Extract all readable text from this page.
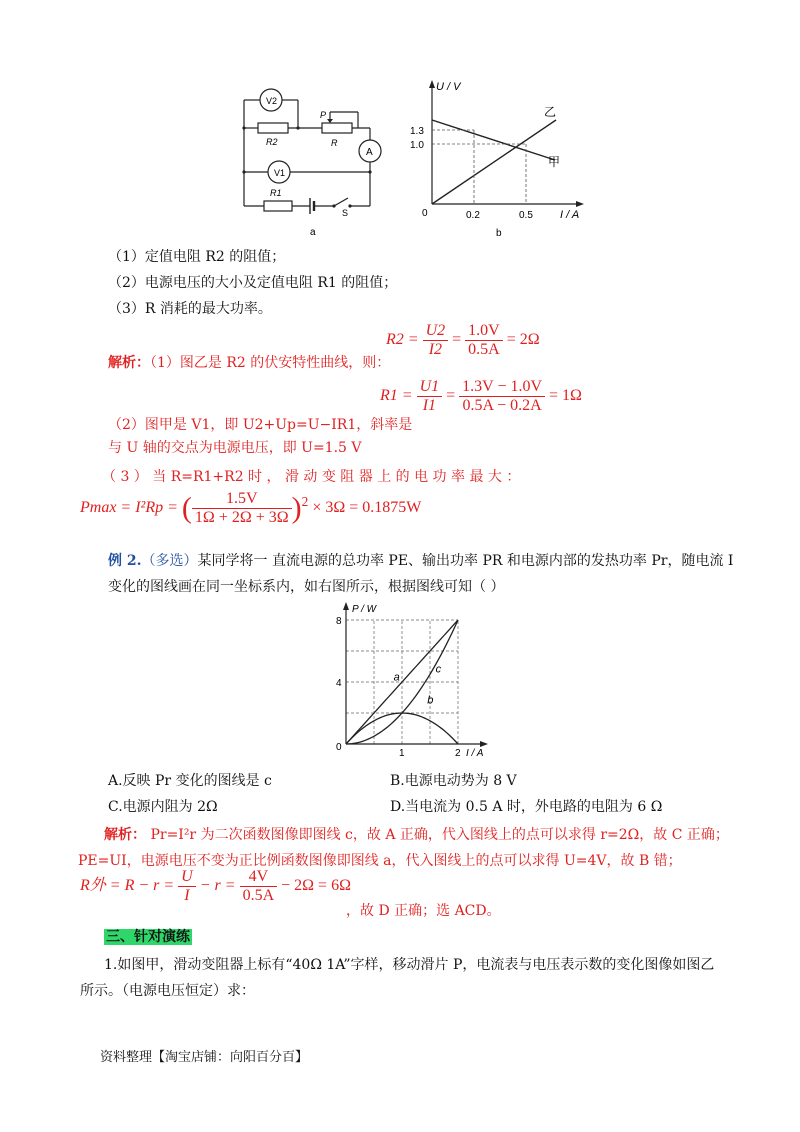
V2
R2
P
R
A
V1
R1
S
a
U / V
I / A
1.3
1.0
0.2	0.5
0
乙
甲
b
（1）定值电阻 R2 的阻值；
（2）电源电压的大小及定值电阻 R1 的阻值；
（3）R 消耗的最大功率。
$R2 = \frac{U2}{I2} = \frac{1.0V}{0.5A} = 2\Omega$
解析：（1）图乙是 R2 的伏安特性曲线，则：
$R1 = \frac{U1}{I1} = \frac{1.3V - 1.0V}{0.5A - 0.2A} = 1\Omega$
（2）图甲是 V1，即 U2+Up=U−IR1，斜率是
与 U 轴的交点为电源电压，即 U=1.5 V
（ 3 ） 当 R=R1+R2 时 ， 滑 动 变 阻 器 上 的 电 功 率 最 大 ：
Pmax = I²Rp = ( $\frac{1.5V}{1\Omega + 2\Omega + 3\Omega} )^2 \times 3\Omega = 0.1875W$
例 2.（多选）某同学将一 直流电源的总功率 PE、输出功率 PR 和电源内部的发热功率 Pr，随电流 I
变化的图线画在同一坐标系内，如右图所示，根据图线可知（ ）
P / W
I / A
0
4
8
1	2
a
b
c
A.反映 Pr 变化的图线是 c	B.电源电动势为 8 V
C.电源内阻为 2Ω	D.当电流为 0.5 A 时，外电路的电阻为 6 Ω
解析： Pr=I²r 为二次函数图像即图线 c，故 A 正确，代入图线上的点可以求得 r=2Ω，故 C 正确；
PE=UI，电源电压不变为正比例函数图像即图线 a，代入图线上的点可以求得 U=4V，故 B 错；
R外 = $R - r = \frac{U}{I} - r = \frac{4V}{0.5A} - 2\Omega = 6\Omega$
，故 D 正确；选 ACD。
三、针对演练
1.如图甲，滑动变阻器上标有“40Ω 1A”字样，移动滑片 P，电流表与电压表示数的变化图像如图乙
所示。（电源电压恒定）求：
资料整理【淘宝店铺：向阳百分百】
